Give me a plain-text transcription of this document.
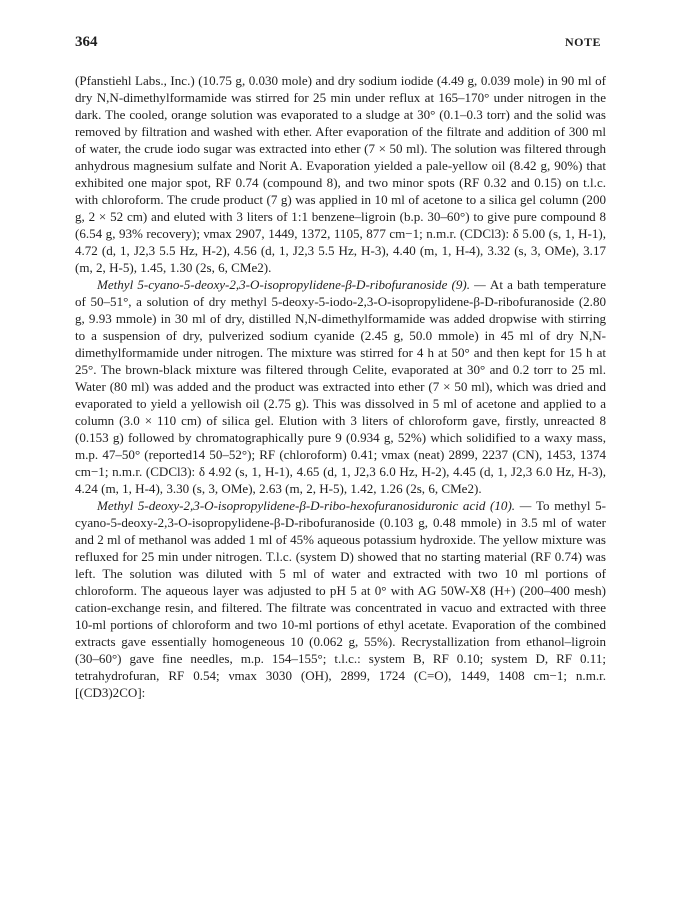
364	NOTE

(Pfanstiehl Labs., Inc.) (10.75 g, 0.030 mole) and dry sodium iodide (4.49 g, 0.039 mole) in 90 ml of dry N,N-dimethylformamide was stirred for 25 min under reflux at 165–170° under nitrogen in the dark. The cooled, orange solution was evaporated to a sludge at 30° (0.1–0.3 torr) and the solid was removed by filtration and washed with ether. After evaporation of the filtrate and addition of 300 ml of water, the crude iodo sugar was extracted into ether (7 × 50 ml). The solution was filtered through anhydrous magnesium sulfate and Norit A. Evaporation yielded a pale-yellow oil (8.42 g, 90%) that exhibited one major spot, RF 0.74 (compound 8), and two minor spots (RF 0.32 and 0.15) on t.l.c. with chloroform. The crude product (7 g) was applied in 10 ml of acetone to a silica gel column (200 g, 2 × 52 cm) and eluted with 3 liters of 1:1 benzene–ligroin (b.p. 30–60°) to give pure compound 8 (6.54 g, 93% recovery); νmax 2907, 1449, 1372, 1105, 877 cm−1; n.m.r. (CDCl3): δ 5.00 (s, 1, H-1), 4.72 (d, 1, J2,3 5.5 Hz, H-2), 4.56 (d, 1, J2,3 5.5 Hz, H-3), 4.40 (m, 1, H-4), 3.32 (s, 3, OMe), 3.17 (m, 2, H-5), 1.45, 1.30 (2s, 6, CMe2).

Methyl 5-cyano-5-deoxy-2,3-O-isopropylidene-β-D-ribofuranoside (9). — At a bath temperature of 50–51°, a solution of dry methyl 5-deoxy-5-iodo-2,3-O-isopropylidene-β-D-ribofuranoside (2.80 g, 9.93 mmole) in 30 ml of dry, distilled N,N-dimethylformamide was added dropwise with stirring to a suspension of dry, pulverized sodium cyanide (2.45 g, 50.0 mmole) in 45 ml of dry N,N-dimethylformamide under nitrogen. The mixture was stirred for 4 h at 50° and then kept for 15 h at 25°. The brown-black mixture was filtered through Celite, evaporated at 30° and 0.2 torr to 25 ml. Water (80 ml) was added and the product was extracted into ether (7 × 50 ml), which was dried and evaporated to yield a yellowish oil (2.75 g). This was dissolved in 5 ml of acetone and applied to a column (3.0 × 110 cm) of silica gel. Elution with 3 liters of chloroform gave, firstly, unreacted 8 (0.153 g) followed by chromatographically pure 9 (0.934 g, 52%) which solidified to a waxy mass, m.p. 47–50° (reported14 50–52°); RF (chloroform) 0.41; νmax (neat) 2899, 2237 (CN), 1453, 1374 cm−1; n.m.r. (CDCl3): δ 4.92 (s, 1, H-1), 4.65 (d, 1, J2,3 6.0 Hz, H-2), 4.45 (d, 1, J2,3 6.0 Hz, H-3), 4.24 (m, 1, H-4), 3.30 (s, 3, OMe), 2.63 (m, 2, H-5), 1.42, 1.26 (2s, 6, CMe2).

Methyl 5-deoxy-2,3-O-isopropylidene-β-D-ribo-hexofuranosiduronic acid (10). — To methyl 5-cyano-5-deoxy-2,3-O-isopropylidene-β-D-ribofuranoside (0.103 g, 0.48 mmole) in 3.5 ml of water and 2 ml of methanol was added 1 ml of 45% aqueous potassium hydroxide. The yellow mixture was refluxed for 25 min under nitrogen. T.l.c. (system D) showed that no starting material (RF 0.74) was left. The solution was diluted with 5 ml of water and extracted with two 10 ml portions of chloroform. The aqueous layer was adjusted to pH 5 at 0° with AG 50W-X8 (H+) (200–400 mesh) cation-exchange resin, and filtered. The filtrate was concentrated in vacuo and extracted with three 10-ml portions of chloroform and two 10-ml portions of ethyl acetate. Evaporation of the combined extracts gave essentially homogeneous 10 (0.062 g, 55%). Recrystallization from ethanol–ligroin (30–60°) gave fine needles, m.p. 154–155°; t.l.c.: system B, RF 0.10; system D, RF 0.11; tetrahydrofuran, RF 0.54; νmax 3030 (OH), 2899, 1724 (C=O), 1449, 1408 cm−1; n.m.r. [(CD3)2CO]:
